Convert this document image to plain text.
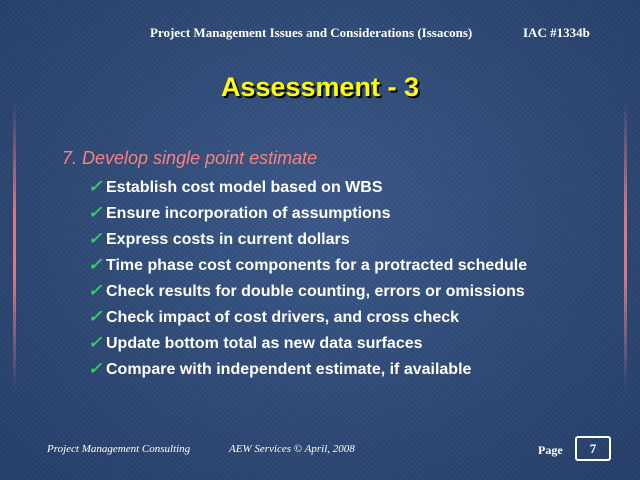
Project Management Issues and Considerations (Issacons)	IAC #1334b
Assessment - 3
7. Develop single point estimate
✓ Establish cost model based on WBS
✓ Ensure incorporation of assumptions
✓ Express costs in current dollars
✓ Time phase cost components for a protracted schedule
✓ Check results for double counting, errors or omissions
✓ Check impact of cost drivers, and cross check
✓ Update bottom total as new data surfaces
✓ Compare with independent estimate, if available
Project Management Consulting	AEW Services © April, 2008	Page	7
